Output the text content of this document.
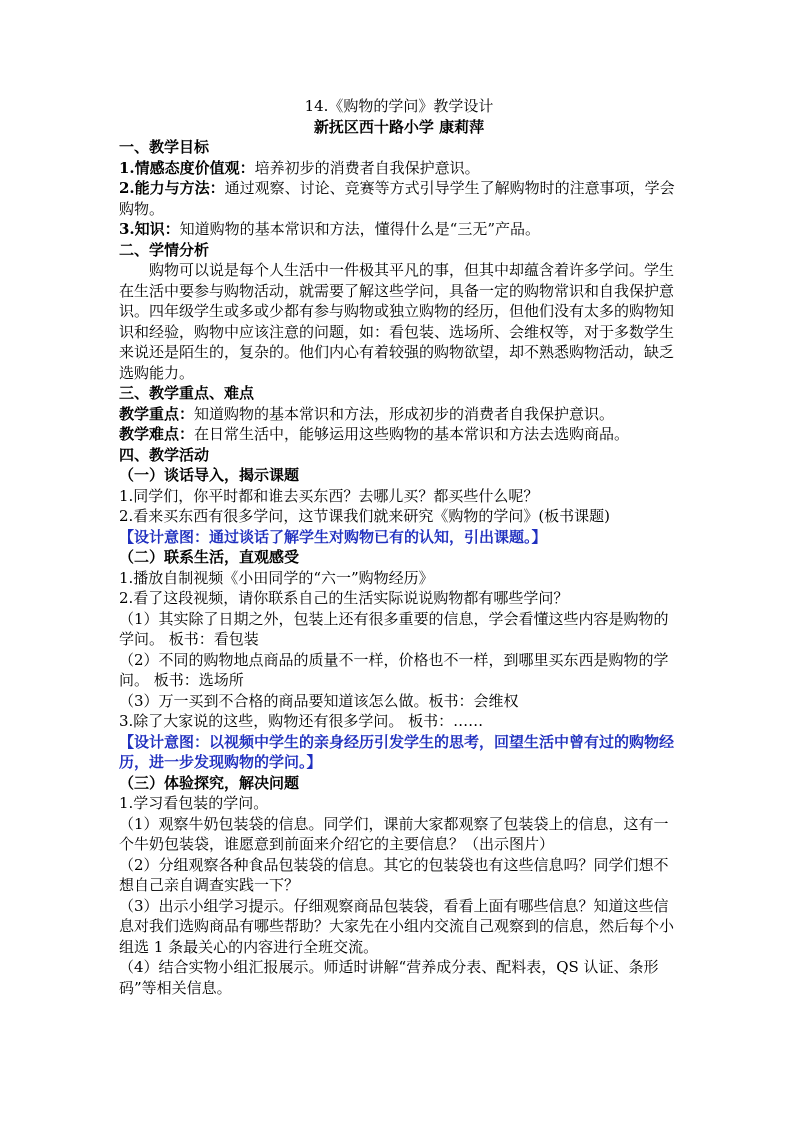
14.《购物的学问》教学设计
新抚区西十路小学 康莉萍
一、教学目标

1.情感态度价值观：培养初步的消费者自我保护意识。

2.能力与方法：通过观察、讨论、竞赛等方式引导学生了解购物时的注意事项，学会购物。

3.知识：知道购物的基本常识和方法，懂得什么是“三无”产品。

二、学情分析

购物可以说是每个人生活中一件极其平凡的事，但其中却蕴含着许多学问。学生在生活中要参与购物活动，就需要了解这些学问，具备一定的购物常识和自我保护意识。四年级学生或多或少都有参与购物或独立购物的经历，但他们没有太多的购物知识和经验，购物中应该注意的问题，如：看包装、选场所、会维权等，对于多数学生来说还是陌生的，复杂的。他们内心有着较强的购物欲望，却不熟悉购物活动，缺乏选购能力。

三、教学重点、难点

教学重点：知道购物的基本常识和方法，形成初步的消费者自我保护意识。

教学难点：在日常生活中，能够运用这些购物的基本常识和方法去选购商品。

四、教学活动
（一）谈话导入，揭示课题

1.同学们，你平时都和谁去买东西？去哪儿买？都买些什么呢？

2.看来买东西有很多学问，这节课我们就来研究《购物的学问》(板书课题)

【设计意图：通过谈话了解学生对购物已有的认知，引出课题。】

（二）联系生活，直观感受

1.播放自制视频《小田同学的“六一”购物经历》

2.看了这段视频，请你联系自己的生活实际说说购物都有哪些学问？

（1）其实除了日期之外，包装上还有很多重要的信息，学会看懂这些内容是购物的学问。 板书：看包装

（2）不同的购物地点商品的质量不一样，价格也不一样，到哪里买东西是购物的学问。 板书：选场所

（3）万一买到不合格的商品要知道该怎么做。板书：会维权

3.除了大家说的这些，购物还有很多学问。 板书：……

【设计意图：以视频中学生的亲身经历引发学生的思考，回望生活中曾有过的购物经历，进一步发现购物的学问。】

（三）体验探究，解决问题

1.学习看包装的学问。

（1）观察牛奶包装袋的信息。同学们，课前大家都观察了包装袋上的信息，这有一个牛奶包装袋，谁愿意到前面来介绍它的主要信息？（出示图片）

（2）分组观察各种食品包装袋的信息。其它的包装袋也有这些信息吗？同学们想不想自己亲自调查实践一下？

（3）出示小组学习提示。仔细观察商品包装袋，看看上面有哪些信息？知道这些信息对我们选购商品有哪些帮助？大家先在小组内交流自己观察到的信息，然后每个小组选 1 条最关心的内容进行全班交流。

（4）结合实物小组汇报展示。师适时讲解“营养成分表、配料表，QS 认证、条形码”等相关信息。
